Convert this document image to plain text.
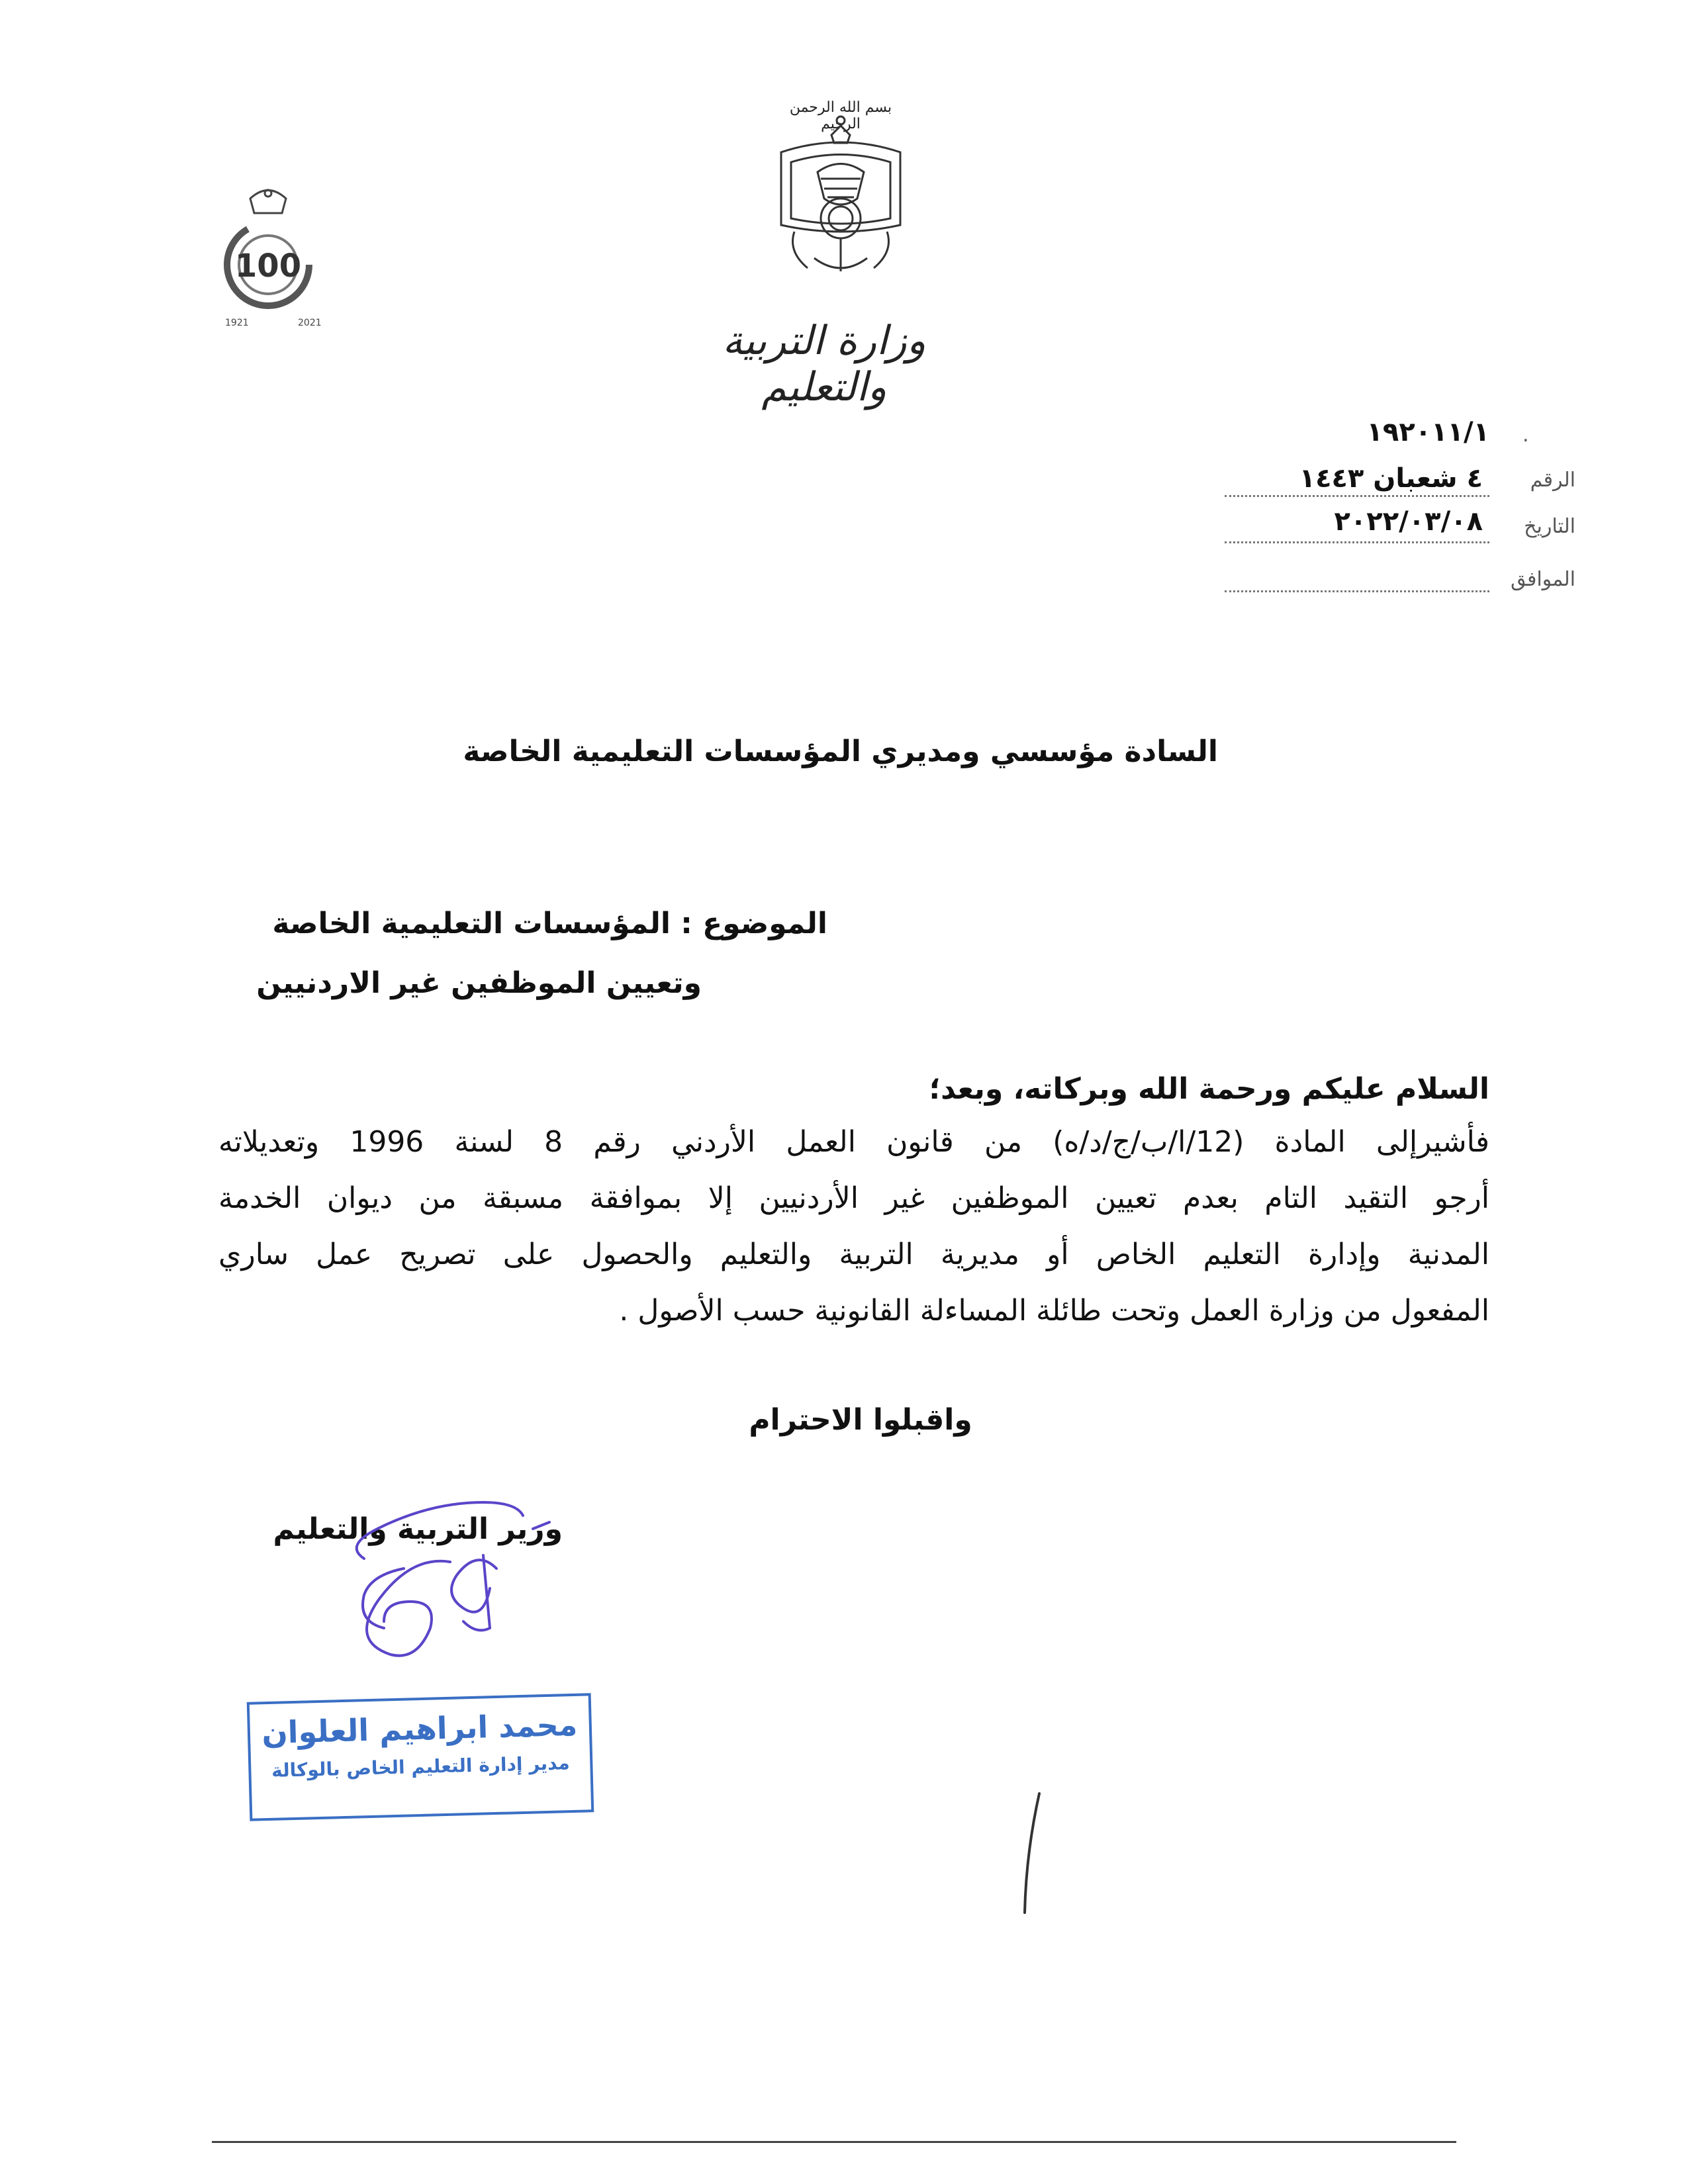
بسم الله الرحمن الرحيم
100
1921	2021	وزارة التربية والتعليم
١٩٢٠١١/١ .
الرقم
٤ شعبان ١٤٤٣
التاريخ
٢٠٢٢/٠٣/٠٨
الموافق
السادة مؤسسي ومديري المؤسسات التعليمية الخاصة
الموضوع : المؤسسات التعليمية الخاصة
وتعيين الموظفين غير الاردنيين
السلام عليكم ورحمة الله وبركاته، وبعد؛
فأشيرإلى المادة (12/ا/ب/ج/د/ه) من قانون العمل الأردني رقم 8 لسنة 1996 وتعديلاته
أرجو التقيد التام بعدم تعيين الموظفين غير الأردنيين إلا بموافقة مسبقة من ديوان الخدمة
المدنية وإدارة التعليم الخاص أو مديرية التربية والتعليم والحصول على تصريح عمل ساري
المفعول من وزارة العمل وتحت طائلة المساءلة القانونية حسب الأصول .
واقبلوا الاحترام
وزير التربية والتعليم
محمد ابراهيم العلوان
مدير إدارة التعليم الخاص بالوكالة
